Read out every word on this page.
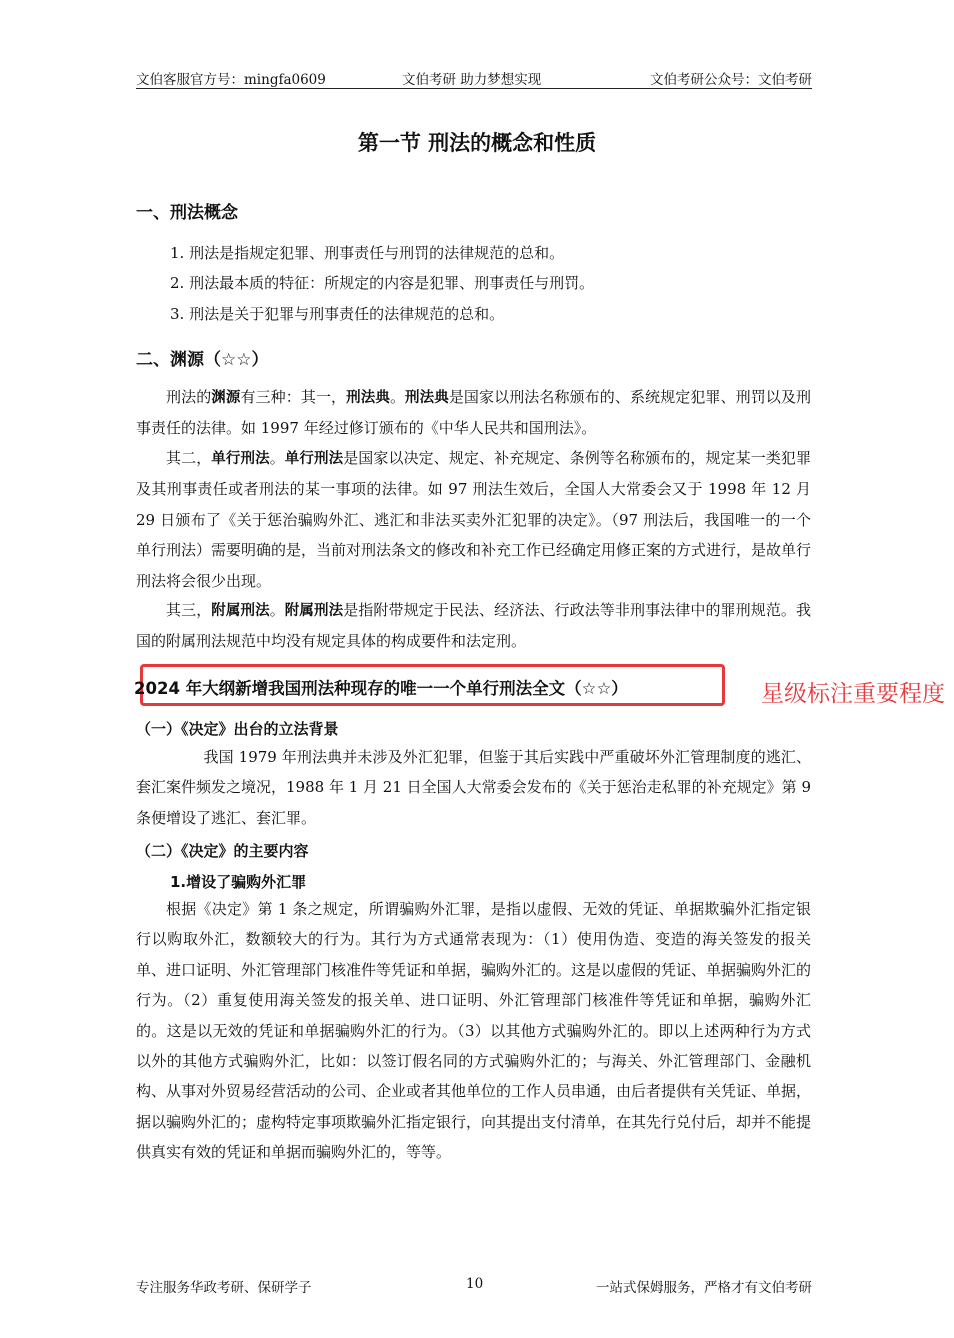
文伯客服官方号：mingfa0609	文伯考研 助力梦想实现	文伯考研公众号：文伯考研
第一节 刑法的概念和性质
一、刑法概念
1. 刑法是指规定犯罪、刑事责任与刑罚的法律规范的总和。
2. 刑法最本质的特征：所规定的内容是犯罪、刑事责任与刑罚。
3. 刑法是关于犯罪与刑事责任的法律规范的总和。
二、渊源（☆☆）

刑法的渊源有三种：其一，刑法典。刑法典是国家以刑法名称颁布的、系统规定犯罪、刑罚以及刑事责任的法律。如 1997 年经过修订颁布的《中华人民共和国刑法》。

其二，单行刑法。单行刑法是国家以决定、规定、补充规定、条例等名称颁布的，规定某一类犯罪及其刑事责任或者刑法的某一事项的法律。如 97 刑法生效后，全国人大常委会又于 1998 年 12 月 29 日颁布了《关于惩治骗购外汇、逃汇和非法买卖外汇犯罪的决定》。（97 刑法后，我国唯一的一个单行刑法）需要明确的是，当前对刑法条文的修改和补充工作已经确定用修正案的方式进行，是故单行刑法将会很少出现。

其三，附属刑法。附属刑法是指附带规定于民法、经济法、行政法等非刑事法律中的罪刑规范。我国的附属刑法规范中均没有规定具体的构成要件和法定刑。

2024 年大纲新增我国刑法种现存的唯一一个单行刑法全文（☆☆）	星级标注重要程度
（一）《决定》出台的立法背景

我国 1979 年刑法典并未涉及外汇犯罪，但鉴于其后实践中严重破坏外汇管理制度的逃汇、套汇案件频发之境况，1988 年 1 月 21 日全国人大常委会发布的《关于惩治走私罪的补充规定》第 9 条便增设了逃汇、套汇罪。

（二）《决定》的主要内容
1.增设了骗购外汇罪

根据《决定》第 1 条之规定，所谓骗购外汇罪，是指以虚假、无效的凭证、单据欺骗外汇指定银行以购取外汇，数额较大的行为。其行为方式通常表现为：（1）使用伪造、变造的海关签发的报关单、进口证明、外汇管理部门核准件等凭证和单据，骗购外汇的。这是以虚假的凭证、单据骗购外汇的行为。（2）重复使用海关签发的报关单、进口证明、外汇管理部门核准件等凭证和单据，骗购外汇的。这是以无效的凭证和单据骗购外汇的行为。（3）以其他方式骗购外汇的。即以上述两种行为方式以外的其他方式骗购外汇，比如：以签订假名同的方式骗购外汇的；与海关、外汇管理部门、金融机构、从事对外贸易经营活动的公司、企业或者其他单位的工作人员串通，由后者提供有关凭证、单据，据以骗购外汇的；虚构特定事项欺骗外汇指定银行，向其提出支付清单，在其先行兑付后，却并不能提供真实有效的凭证和单据而骗购外汇的，等等。

专注服务华政考研、保研学子	10	一站式保姆服务，严格才有文伯考研
